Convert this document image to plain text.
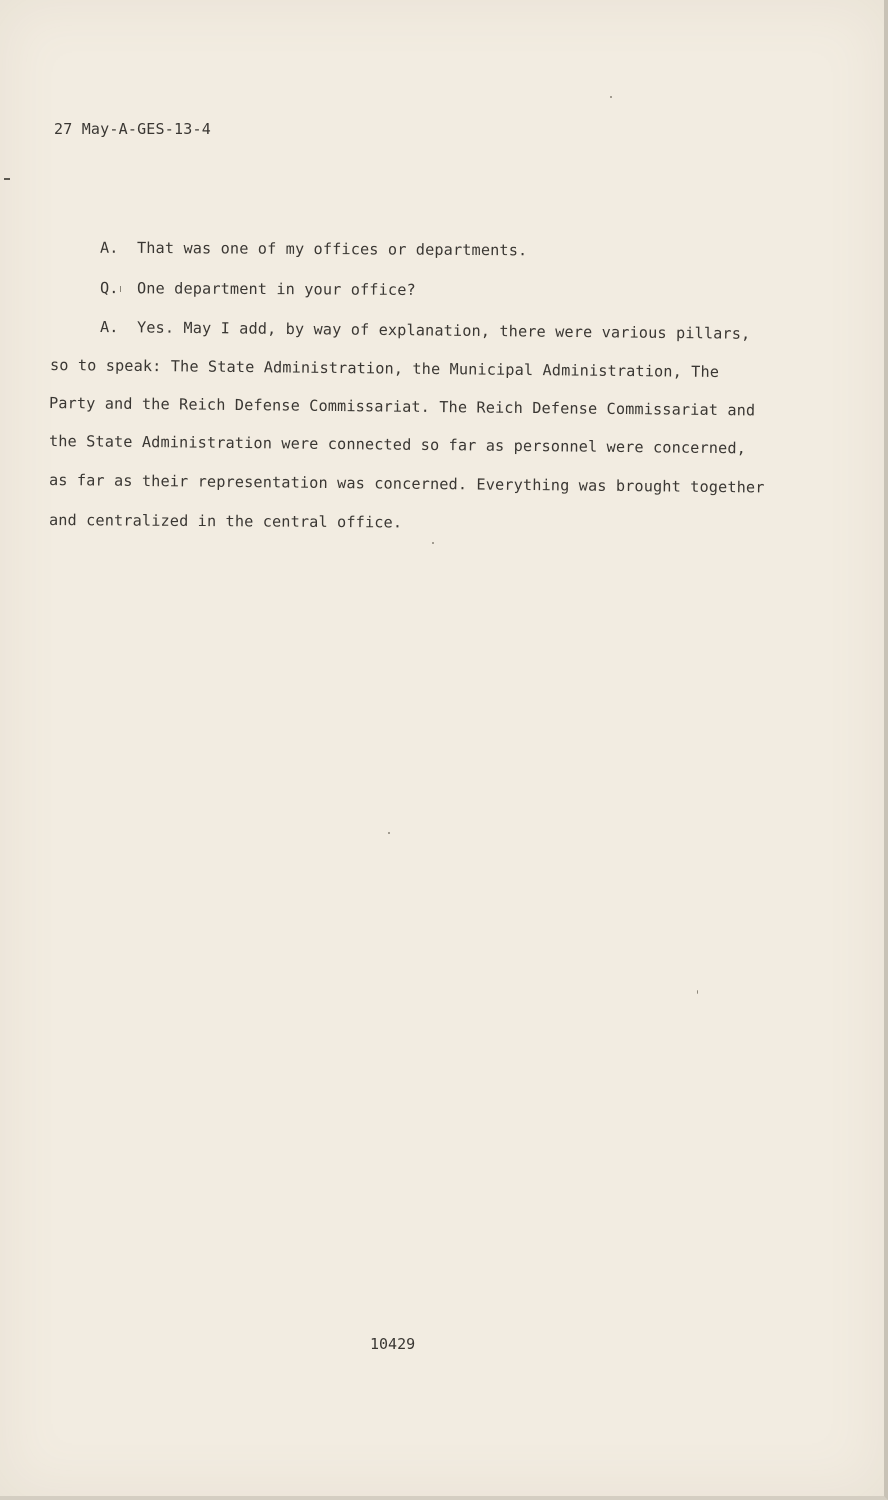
27 May-A-GES-13-4
A. That was one of my offices or departments.
Q. One department in your office?
A. Yes. May I add, by way of explanation, there were various pillars,
so to speak: The State Administration, the Municipal Administration, The
Party and the Reich Defense Commissariat. The Reich Defense Commissariat and
the State Administration were connected so far as personnel were concerned,
as far as their representation was concerned. Everything was brought together
and centralized in the central office.
10429
